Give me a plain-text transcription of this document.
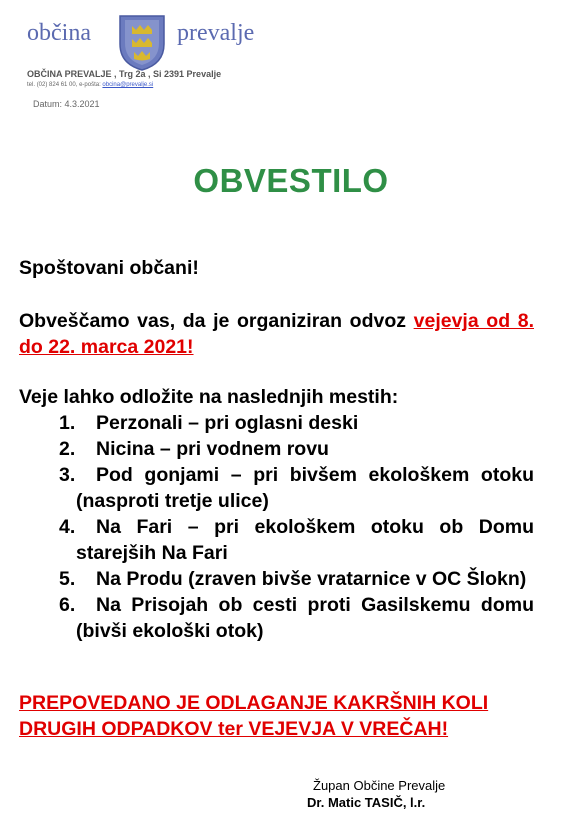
občina	prevalje
OBČINA PREVALJE , Trg 2a , Si 2391 Prevalje
tel. (02) 824 61 00, e-pošta: obcina@prevalje.si
Datum: 4.3.2021
OBVESTILO
Spoštovani občani!
Obveščamo vas, da je organiziran odvoz vejevja od 8. do 22. marca 2021!
Veje lahko odložite na naslednjih mestih:
1.	Perzonali – pri oglasni deski
2.	Nicina – pri vodnem rovu
3.	Pod gonjami – pri bivšem ekološkem otoku (nasproti tretje ulice)
4.	Na Fari – pri ekološkem otoku ob Domu starejših Na Fari
5.	Na Produ (zraven bivše vratarnice v OC Šlokn)
6.	Na Prisojah ob cesti proti Gasilskemu domu (bivši ekološki otok)
PREPOVEDANO JE ODLAGANJE KAKRŠNIH KOLI DRUGIH ODPADKOV ter VEJEVJA V VREČAH!
Župan Občine Prevalje
Dr. Matic TASIČ, l.r.
